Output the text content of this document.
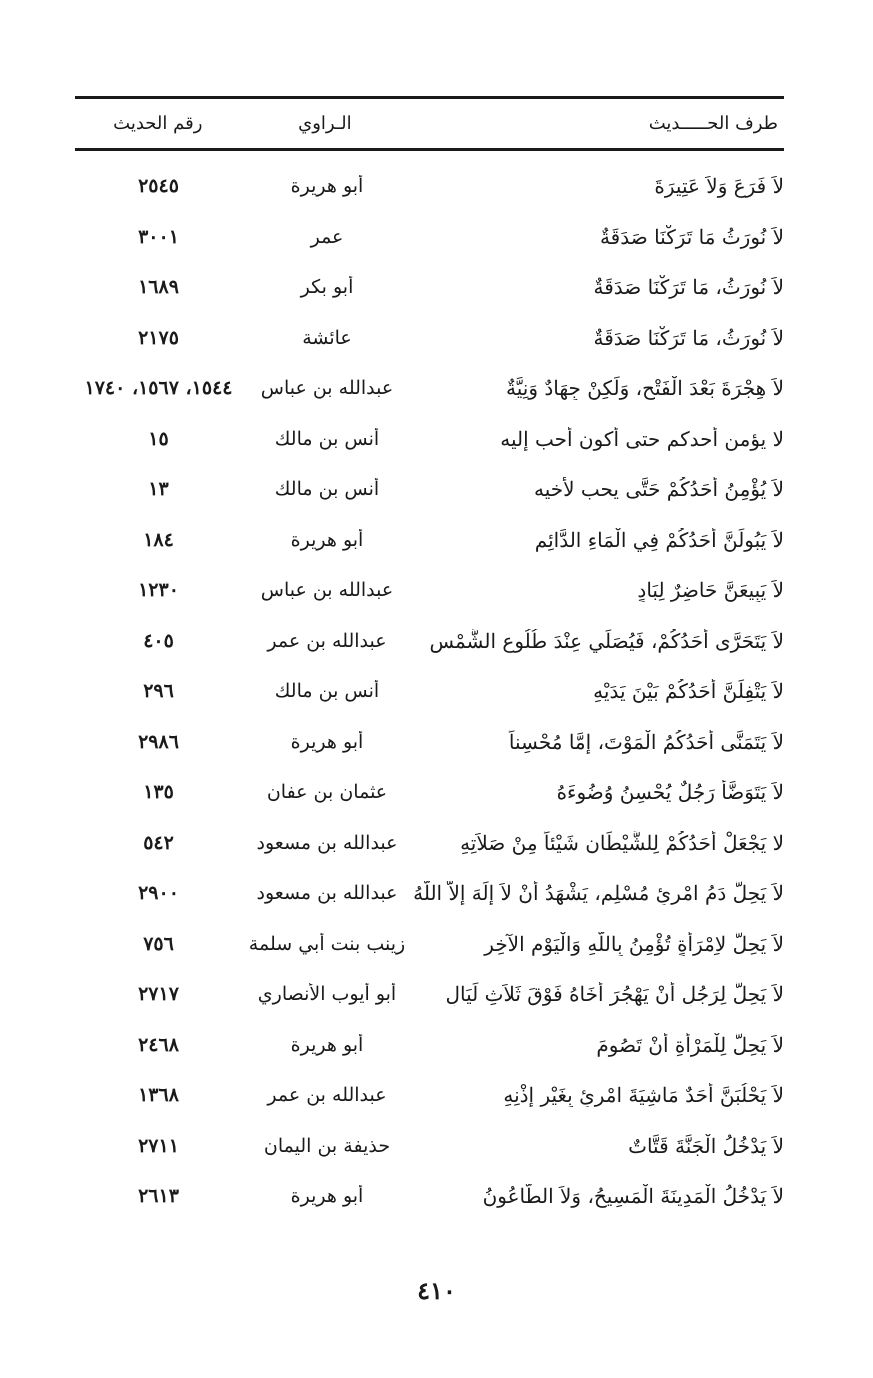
طرف الحـــــديث
الـراوي
رقم الحديث
لاَ فَرَعَ وَلاَ عَتِيرَةَ
أبو هريرة
٢٥٤٥
لاَ نُورَثُ مَا تَرَكْنَا صَدَقَةٌ
عمر
٣٠٠١
لاَ نُورَثُ، مَا تَرَكْنَا صَدَقَةٌ
أبو بكر
١٦٨٩
لاَ نُورَثُ، مَا تَرَكْنَا صَدَقَةٌ
عائشة
٢١٧٥
لاَ هِجْرَةَ بَعْدَ الْفَتْحِ، وَلَكِنْ جِهَادٌ وَنِيَّةٌ
عبدالله بن عباس
١٥٤٤، ١٥٦٧، ١٧٤٠
لا يؤمن أحدكم حتى أكون أحب إليه
أنس بن مالك
١٥
لاَ يُؤْمِنُ أَحَدُكُمْ حَتَّى يحب لأخيه
أنس بن مالك
١٣
لاَ يَبُولَنَّ أَحَدُكُمْ فِي الْمَاءِ الدَّائِمِ
أبو هريرة
١٨٤
لاَ يَبِيعَنَّ حَاضِرٌ لِبَادٍ
عبدالله بن عباس
١٢٣٠
لاَ يَتَحَرَّى أَحَدُكُمْ، فَيُصَلِّي عِنْدَ طُلُوعِ الشَّمْسِ
عبدالله بن عمر
٤٠٥
لاَ يَتْفِلَنَّ أَحَدُكُمْ بَيْنَ يَدَيْهِ
أنس بن مالك
٢٩٦
لاَ يَتَمَنَّى أَحَدُكُمُ الْمَوْتَ، إِمَّا مُحْسِناً
أبو هريرة
٢٩٨٦
لاَ يَتَوَضَّأُ رَجُلٌ يُحْسِنُ وُضُوءَهُ
عثمان بن عفان
١٣٥
لا يَجْعَلْ أَحَدُكُمْ لِلشَّيْطَانِ شَيْئاً مِنْ صَلاَتِهِ
عبدالله بن مسعود
٥٤٢
لاَ يَحِلُّ دَمُ امْرِئٍ مُسْلِمٍ، يَشْهَدُ أَنْ لاَ إِلَهَ إِلاَّ اللَّهُ
عبدالله بن مسعود
٢٩٠٠
لاَ يَحِلُّ لاِمْرَأَةٍ تُؤْمِنُ بِاللَّهِ وَالْيَوْمِ الآخِرِ
زينب بنت أبي سلمة
٧٥٦
لاَ يَحِلُّ لِرَجُلٍ أَنْ يَهْجُرَ أَخَاهُ فَوْقَ ثَلاَثِ لَيَالٍ
أبو أيوب الأنصاري
٢٧١٧
لاَ يَحِلُّ لِلْمَرْأَةِ أَنْ تَصُومَ
أبو هريرة
٢٤٦٨
لاَ يَحْلُبَنَّ أَحَدٌ مَاشِيَةَ امْرِئٍ بِغَيْرِ إِذْنِهِ
عبدالله بن عمر
١٣٦٨
لاَ يَدْخُلُ الْجَنَّةَ قَتَّاتٌ
حذيفة بن اليمان
٢٧١١
لاَ يَدْخُلُ الْمَدِينَةَ الْمَسِيحُ، وَلاَ الطَّاعُونُ
أبو هريرة
٢٦١٣
٤١٠
